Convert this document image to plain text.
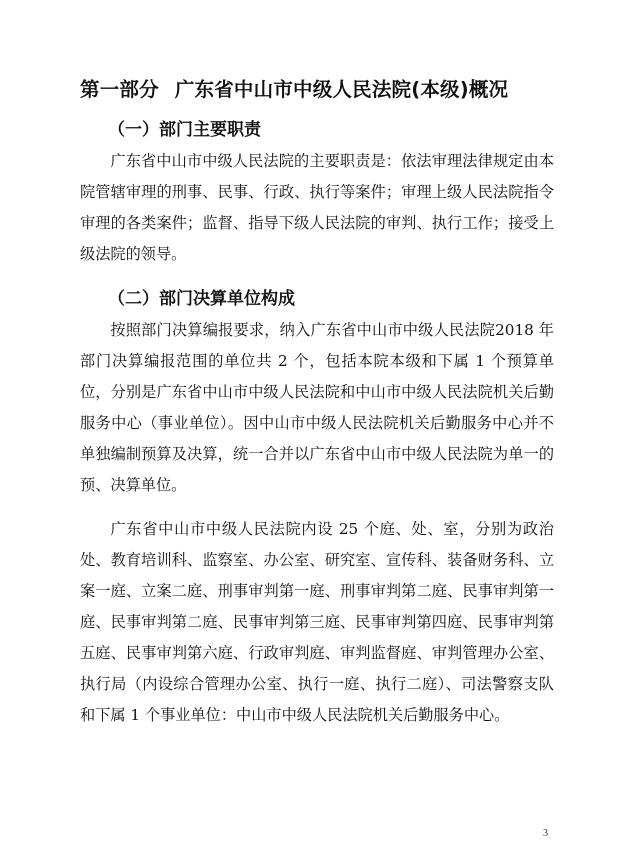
第一部分 广东省中山市中级人民法院(本级)概况
（一）部门主要职责

广东省中山市中级人民法院的主要职责是：依法审理法律规定由本院管辖审理的刑事、民事、行政、执行等案件；审理上级人民法院指令审理的各类案件；监督、指导下级人民法院的审判、执行工作；接受上级法院的领导。

（二）部门决算单位构成

按照部门决算编报要求，纳入广东省中山市中级人民法院2018 年部门决算编报范围的单位共 2 个，包括本院本级和下属 1 个预算单位，分别是广东省中山市中级人民法院和中山市中级人民法院机关后勤服务中心（事业单位）。因中山市中级人民法院机关后勤服务中心并不单独编制预算及决算，统一合并以广东省中山市中级人民法院为单一的预、决算单位。

广东省中山市中级人民法院内设 25 个庭、处、室，分别为政治处、教育培训科、监察室、办公室、研究室、宣传科、装备财务科、立案一庭、立案二庭、刑事审判第一庭、刑事审判第二庭、民事审判第一庭、民事审判第二庭、民事审判第三庭、民事审判第四庭、民事审判第五庭、民事审判第六庭、行政审判庭、审判监督庭、审判管理办公室、执行局（内设综合管理办公室、执行一庭、执行二庭）、司法警察支队和下属 1 个事业单位：中山市中级人民法院机关后勤服务中心。

3
